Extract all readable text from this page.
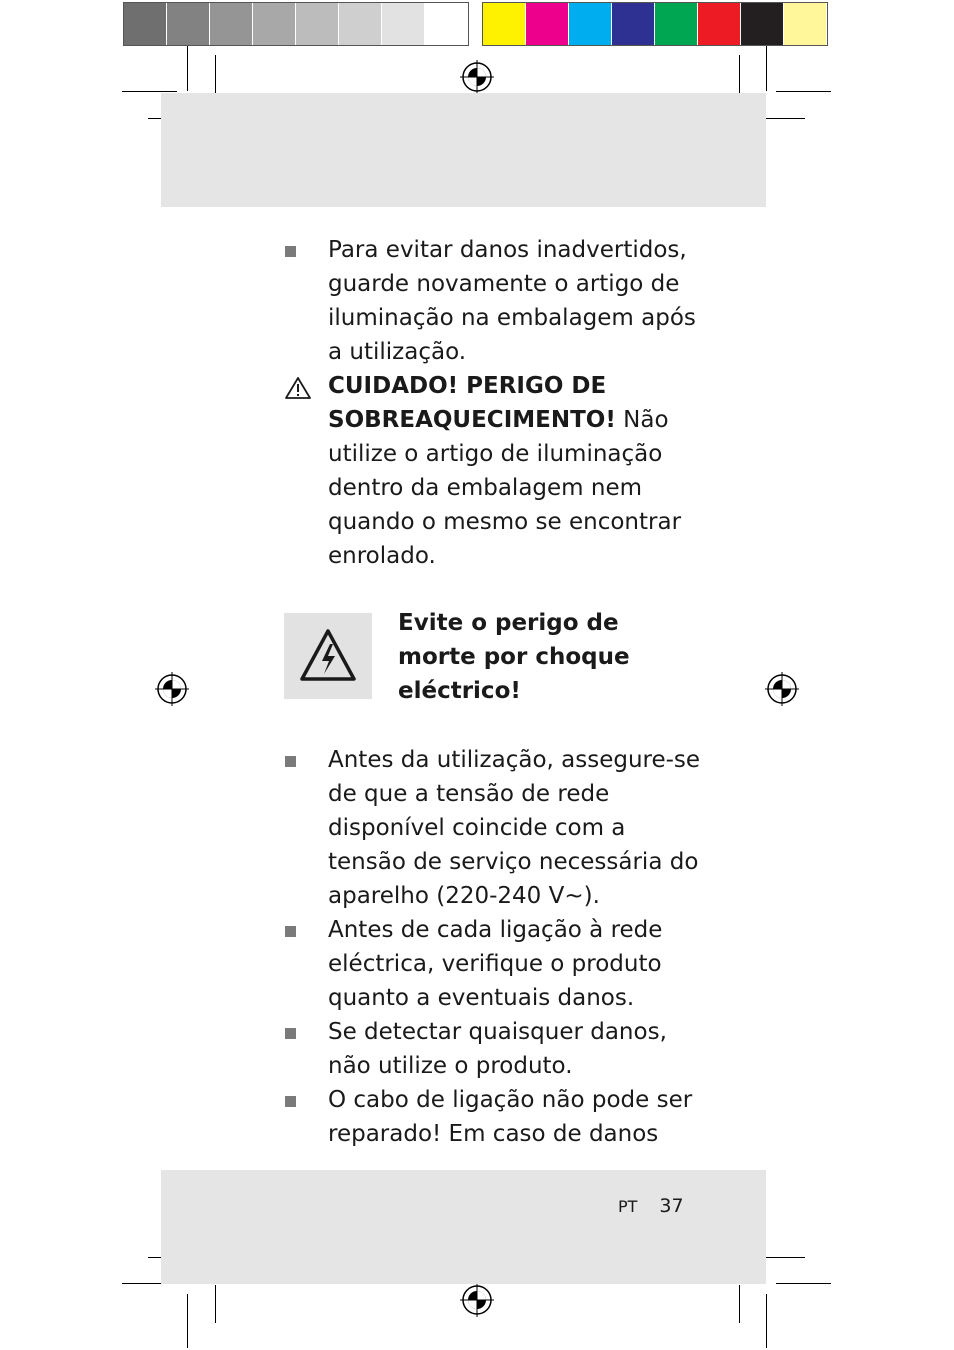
Para evitar danos inadvertidos, guarde novamente o artigo de iluminação na embalagem após a utilização.
CUIDADO! PERIGO DE SOBREAQUECIMENTO! Não utilize o artigo de iluminação dentro da embalagem nem quando o mesmo se encontrar enrolado.
Evite o perigo de morte por choque eléctrico!
Antes da utilização, assegure-se de que a tensão de rede disponível coincide com a tensão de serviço necessária do aparelho (220-240 V~).
Antes de cada ligação à rede eléctrica, verifique o produto quanto a eventuais danos.
Se detectar quaisquer danos, não utilize o produto.
O cabo de ligação não pode ser reparado! Em caso de danos
PT 37
